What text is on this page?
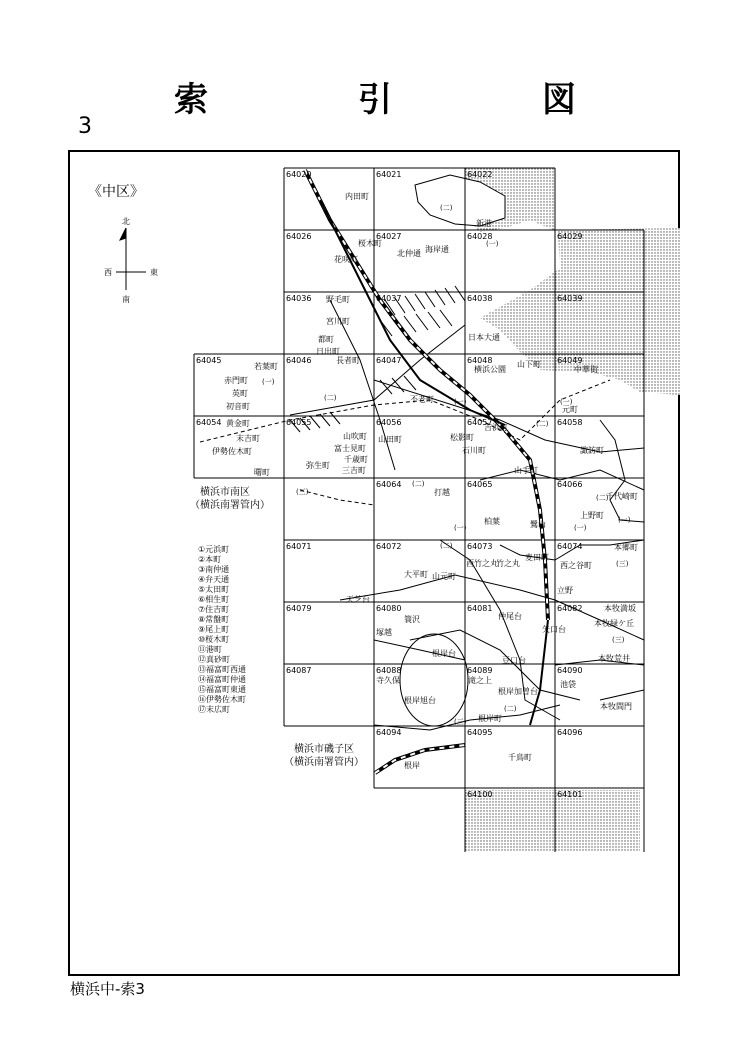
索　引　図
3
横浜中-索3
64020	64021	64022
64026	64027	64028	64029
64036	64037	64038	64039
64045	64046	64047	64048	64049
64054	64055	64056	64057	64058
64064	64065	64066
64071	64072	64073	64074
64079	64080	64081	64082
64087	64088	64089	64090
64094	64095	64096
64100	64101
《中区》
北
南
西	東
横浜市南区
（横浜南署管内）
横浜市磯子区
（横浜南署管内）
①元浜町
②本町
③南仲通
④弁天通
⑤太田町
⑥相生町
⑦住吉町
⑧常盤町
⑨尾上町
⑩桜木町
⑪港町
⑫真砂町
⑬福富町西通
⑭福富町仲通
⑮福富町東通
⑯伊勢佐木町
⑰末広町
内田町
新港
桜木町
北仲通 海岸通
花咲町
野毛町
宮川町
日本大通
都町
日出町
横浜公園
山下町
若葉町
赤門町
英町
初音町
長者町
不老町
元町
中華街
黄金町
末吉町
伊勢佐木町
曙町
山吹町
富士見町
千歳町
三吉町
弥生町
山田町	松影町
石川町
吉浜町
山手町
諏訪町
千代崎町
打越
柏葉	鷺山
上野町
本郷町
西之谷町
竹之丸
西竹之丸
大平町 山元町
立野
麦田町
簑沢
塚越
根岸台
仲尾台
矢口台
本牧緑ケ丘
本牧荒井
豆口台
寺久保	滝之上
根岸加曽台
池袋
根岸旭台
根岸町
本牧間門
千鳥町
本牧満坂
天芝台
根岸
(二)
(一)
(一)
(二)	(一)	(一)
(二)
(二)
(一)
(一)	(一)
(三)
(二)
(三)
(二)
(三)
(三)
(二)
